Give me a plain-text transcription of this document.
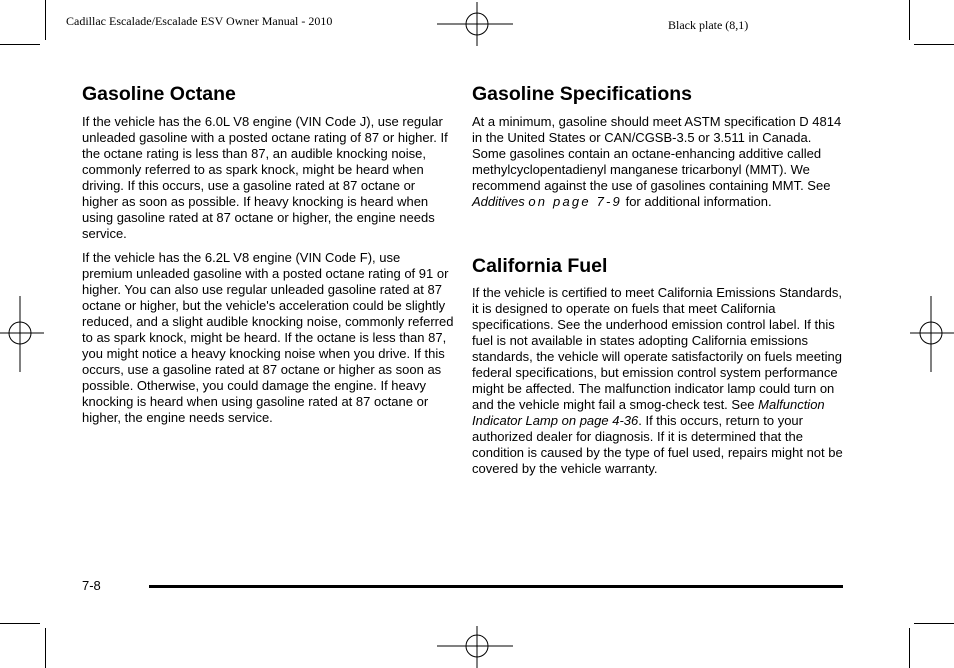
Cadillac Escalade/Escalade ESV Owner Manual - 2010	Black plate (8,1)
Gasoline Octane

If the vehicle has the 6.0L V8 engine (VIN Code J), use regular unleaded gasoline with a posted octane rating of 87 or higher. If the octane rating is less than 87, an audible knocking noise, commonly referred to as spark knock, might be heard when driving. If this occurs, use a gasoline rated at 87 octane or higher as soon as possible. If heavy knocking is heard when using gasoline rated at 87 octane or higher, the engine needs service.

If the vehicle has the 6.2L V8 engine (VIN Code F), use premium unleaded gasoline with a posted octane rating of 91 or higher. You can also use regular unleaded gasoline rated at 87 octane or higher, but the vehicle's acceleration could be slightly reduced, and a slight audible knocking noise, commonly referred to as spark knock, might be heard. If the octane is less than 87, you might notice a heavy knocking noise when you drive. If this occurs, use a gasoline rated at 87 octane or higher as soon as possible. Otherwise, you could damage the engine. If heavy knocking is heard when using gasoline rated at 87 octane or higher, the engine needs service.

Gasoline Specifications

At a minimum, gasoline should meet ASTM specification D 4814 in the United States or CAN/CGSB-3.5 or 3.511 in Canada. Some gasolines contain an octane-enhancing additive called methylcyclopentadienyl manganese tricarbonyl (MMT). We recommend against the use of gasolines containing MMT. See Additives on page 7-9 for additional information.

California Fuel

If the vehicle is certified to meet California Emissions Standards, it is designed to operate on fuels that meet California specifications. See the underhood emission control label. If this fuel is not available in states adopting California emissions standards, the vehicle will operate satisfactorily on fuels meeting federal specifications, but emission control system performance might be affected. The malfunction indicator lamp could turn on and the vehicle might fail a smog-check test. See Malfunction Indicator Lamp on page 4-36. If this occurs, return to your authorized dealer for diagnosis. If it is determined that the condition is caused by the type of fuel used, repairs might not be covered by the vehicle warranty.

7-8
